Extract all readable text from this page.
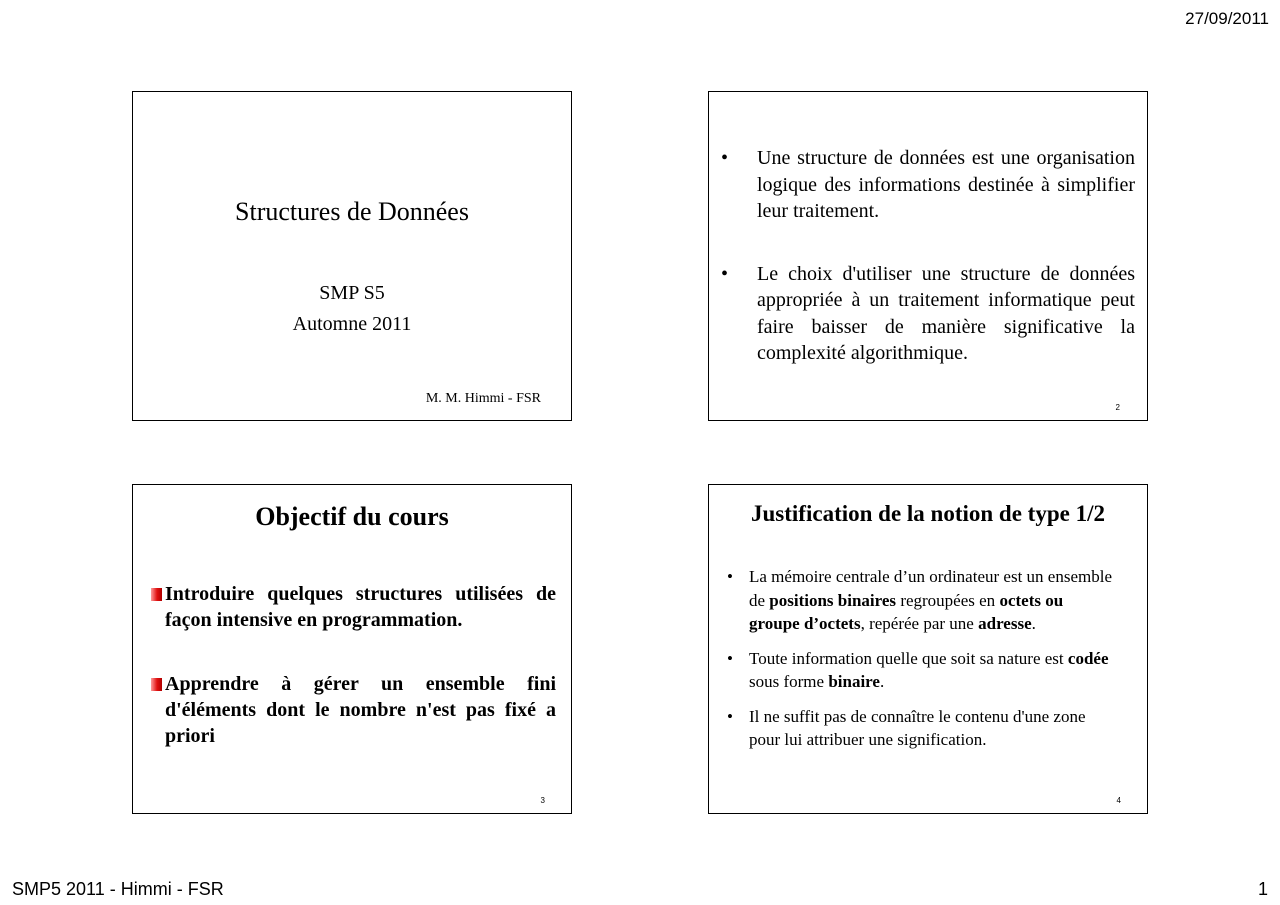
27/09/2011
Structures de Données
SMP S5
Automne 2011
M. M. Himmi - FSR
• Une structure de données est une organisation logique des informations destinée à simplifier leur traitement.
• Le choix d'utiliser une structure de données appropriée à un traitement informatique peut faire baisser de manière significative la complexité algorithmique.
2
Objectif du cours
Introduire quelques structures utilisées de façon intensive en programmation.
Apprendre à gérer un ensemble fini d'éléments dont le nombre n'est pas fixé a priori
3
Justification de la notion de type 1/2
• La mémoire centrale d’un ordinateur est un ensemble de positions binaires regroupées en octets ou groupe d’octets, repérée par une adresse.
• Toute information quelle que soit sa nature est codée sous forme binaire.
• Il ne suffit pas de connaître le contenu d'une zone pour lui attribuer une signification.
4
SMP5 2011 - Himmi - FSR	1
